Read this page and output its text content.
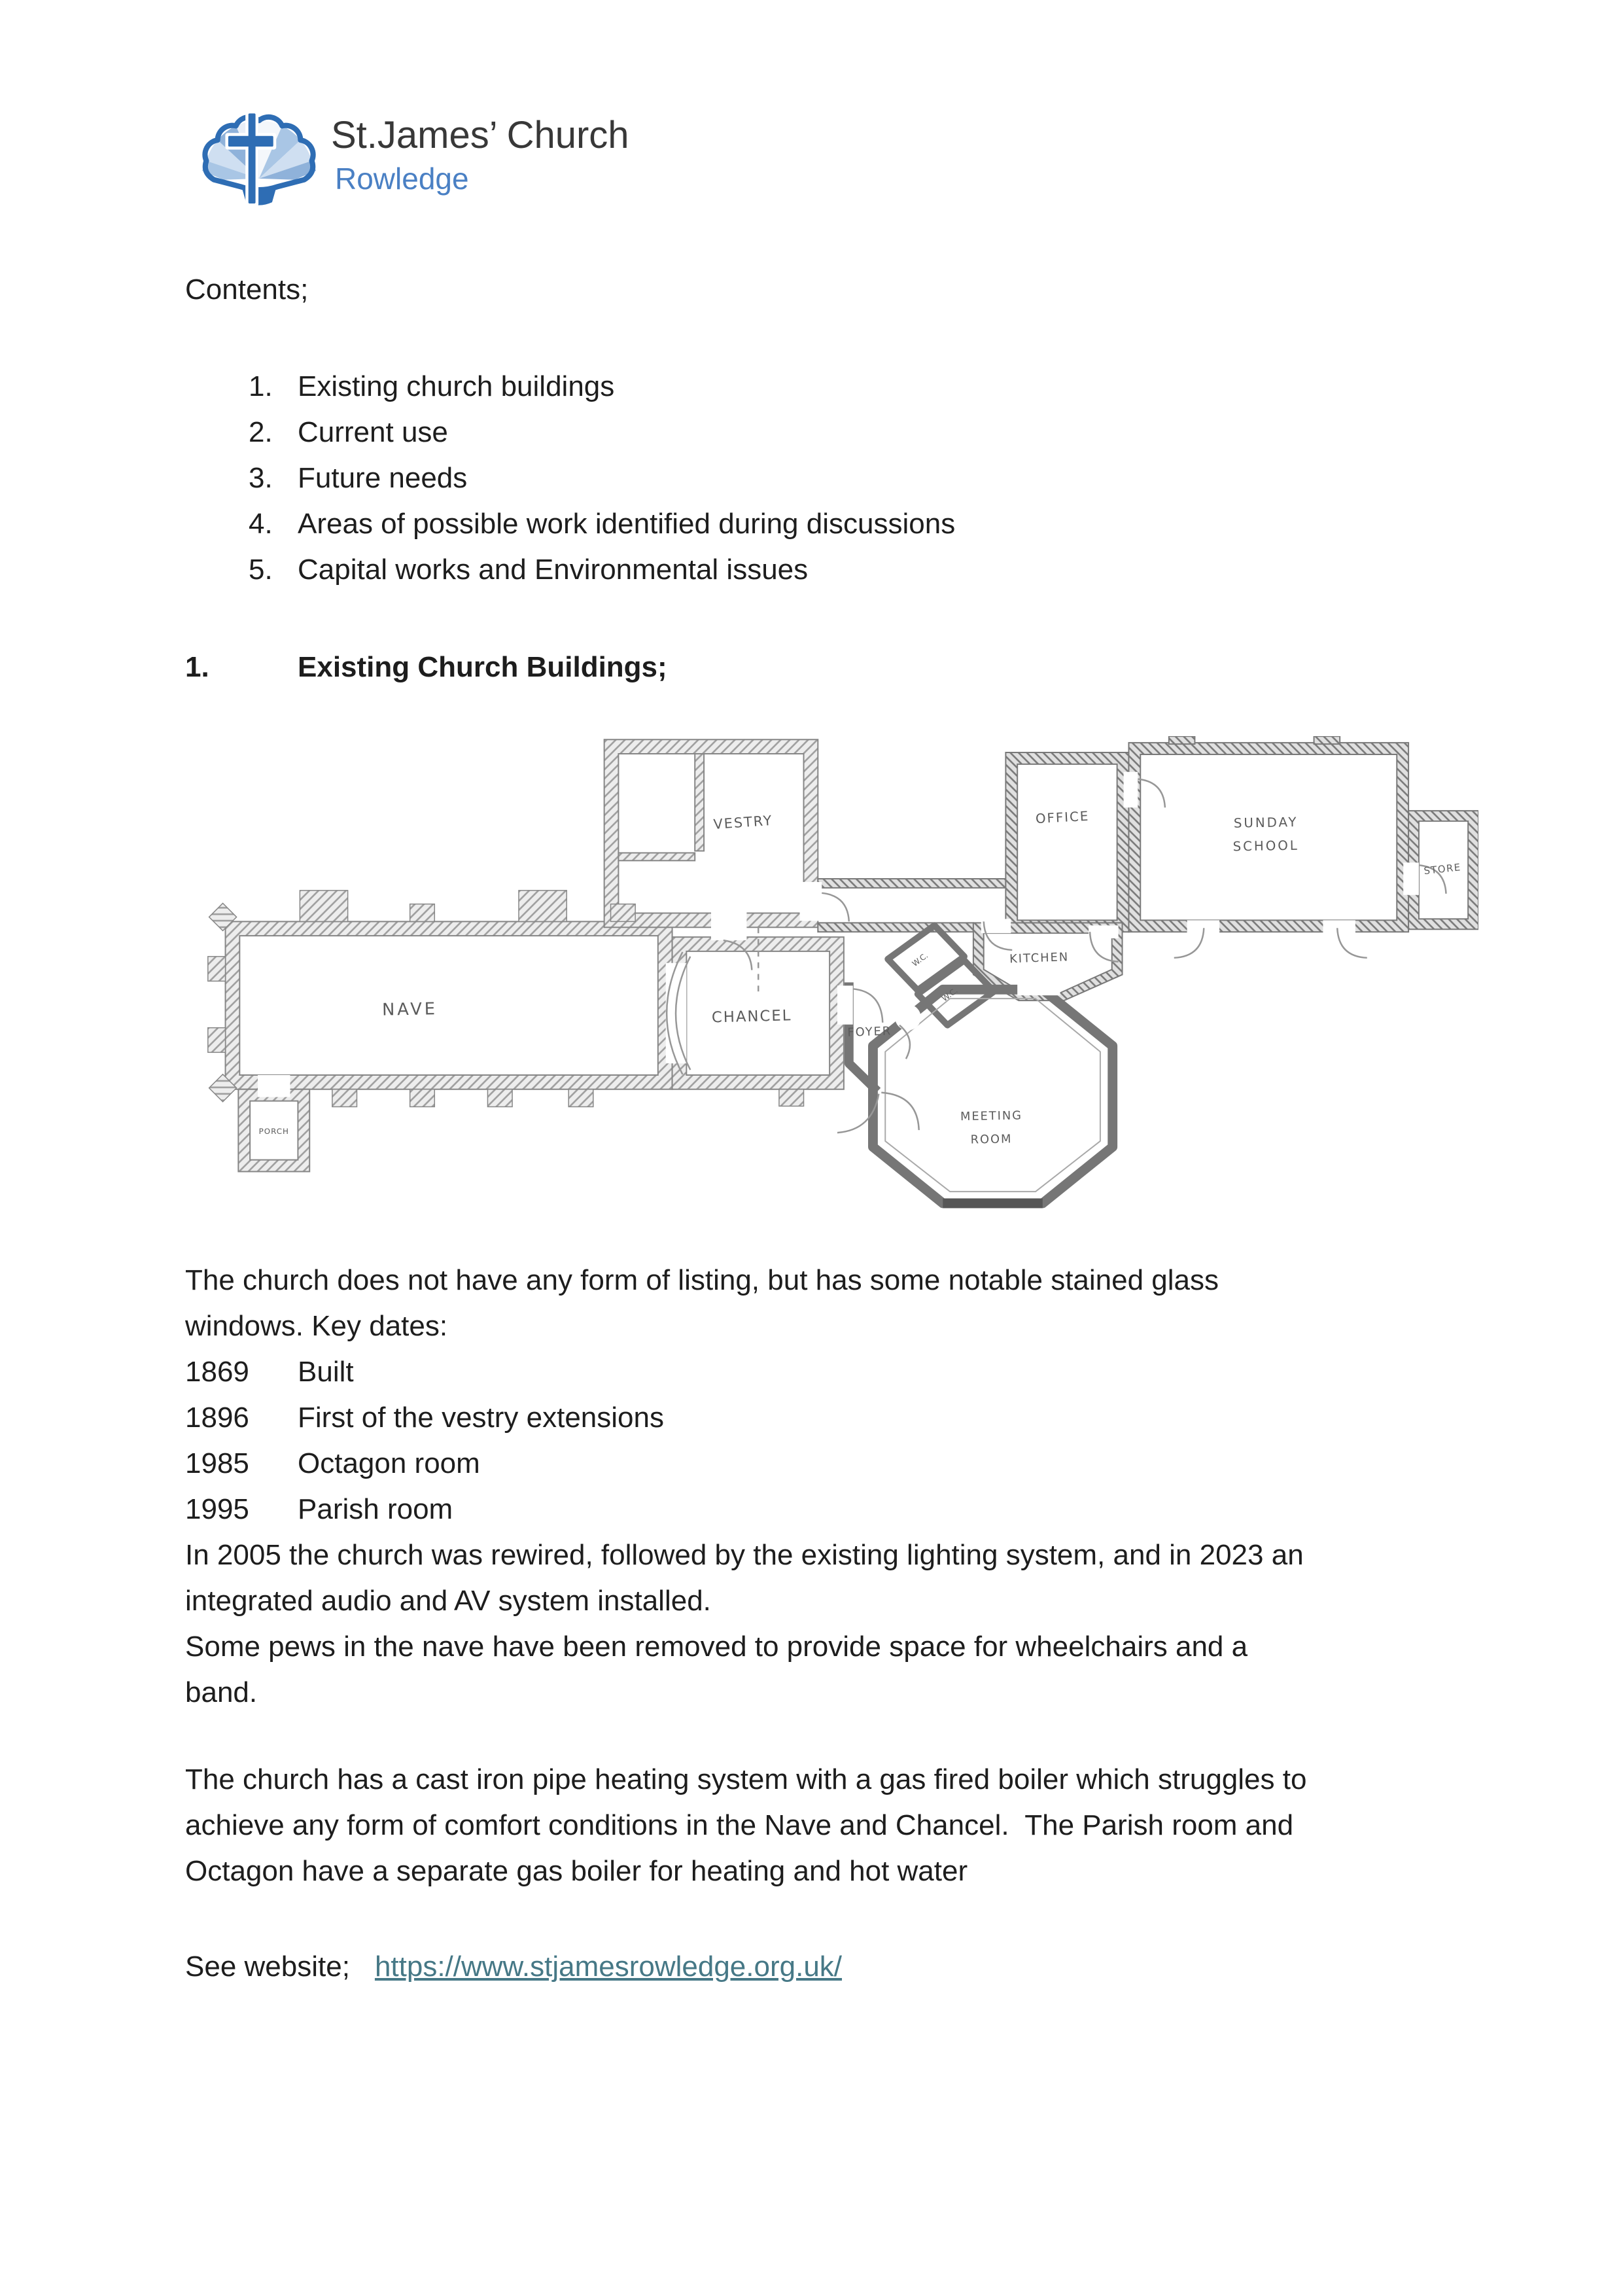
St.James’ Church
Rowledge
Contents;
1. Existing church buildings
2. Current use
3. Future needs
4. Areas of possible work identified during discussions
5. Capital works and Environmental issues
1.	Existing Church Buildings;
NAVE	CHANCEL
PORCH
VESTRY	OFFICE	SUNDAY
SCHOOL
STORE
KITCHEN
W.C.
W.C.
FOYER
MEETING
ROOM
The church does not have any form of listing, but has some notable stained glass
windows. Key dates:
1869	Built
1896	First of the vestry extensions
1985	Octagon room
1995	Parish room
In 2005 the church was rewired, followed by the existing lighting system, and in 2023 an
integrated audio and AV system installed.
Some pews in the nave have been removed to provide space for wheelchairs and a
band.
The church has a cast iron pipe heating system with a gas fired boiler which struggles to
achieve any form of comfort conditions in the Nave and Chancel.  The Parish room and
Octagon have a separate gas boiler for heating and hot water
See website; https://www.stjamesrowledge.org.uk/
